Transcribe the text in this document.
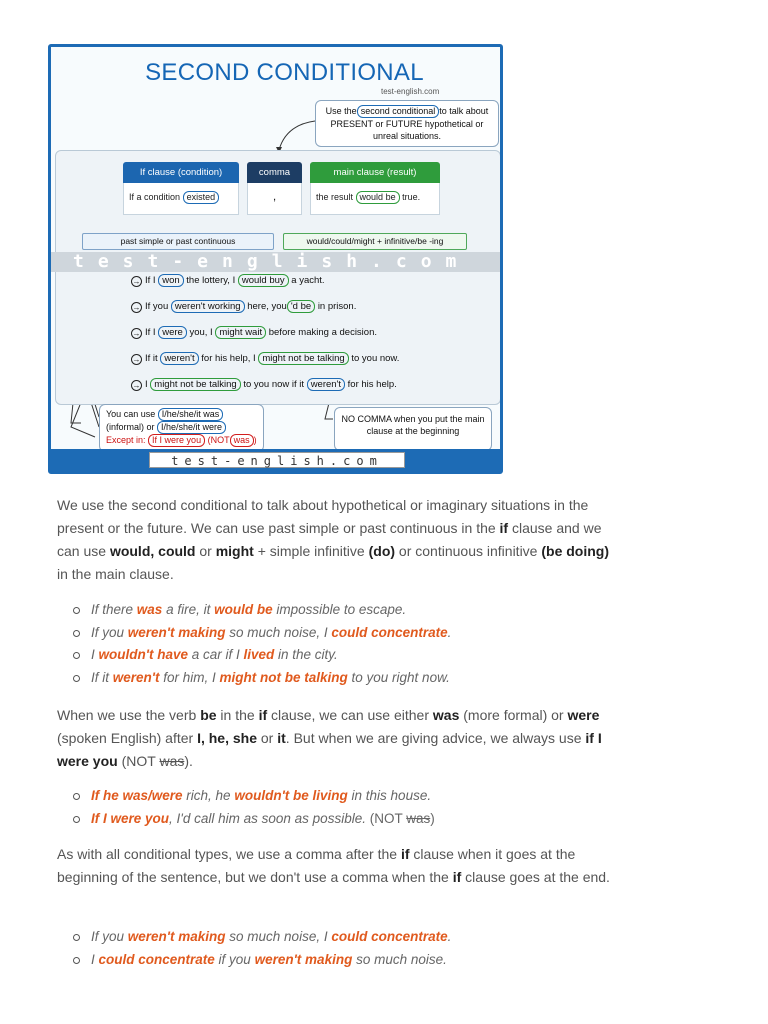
SECOND CONDITIONAL
test-english.com
Use the second conditional to talk about PRESENT or FUTURE hypothetical or unreal situations.
If clause (condition)
If a condition existed
comma
,
main clause (result)
the result would be true.
past simple or past continuous	would/could/might + infinitive/be -ing
test-english.com
→ If I won the lottery, I would buy a yacht.
→ If you weren't working here, you 'd be in prison.
→ If I were you, I might wait before making a decision.
→ If it weren't for his help, I might not be talking to you now.
→ I might not be talking to you now if it weren't for his help.
You can use I/he/she/it was
(informal) or I/he/she/it were
Except in: If I were you (NOT was )
NO COMMA when you put the main clause at the beginning
test-english.com
We use the second conditional to talk about hypothetical or imaginary situations in the present or the future. We can use past simple or past continuous in the if clause and we can use would, could or might + simple infinitive (do) or continuous infinitive (be doing) in the main clause.
If there was a fire, it would be impossible to escape.
If you weren't making so much noise, I could concentrate.
I wouldn't have a car if I lived in the city.
If it weren't for him, I might not be talking to you right now.
When we use the verb be in the if clause, we can use either was (more formal) or were (spoken English) after I, he, she or it. But when we are giving advice, we always use if I were you (NOT was).
If he was/were rich, he wouldn't be living in this house.
If I were you, I'd call him as soon as possible. (NOT was)
As with all conditional types, we use a comma after the if clause when it goes at the beginning of the sentence, but we don't use a comma when the if clause goes at the end.
If you weren't making so much noise, I could concentrate.
I could concentrate if you weren't making so much noise.
